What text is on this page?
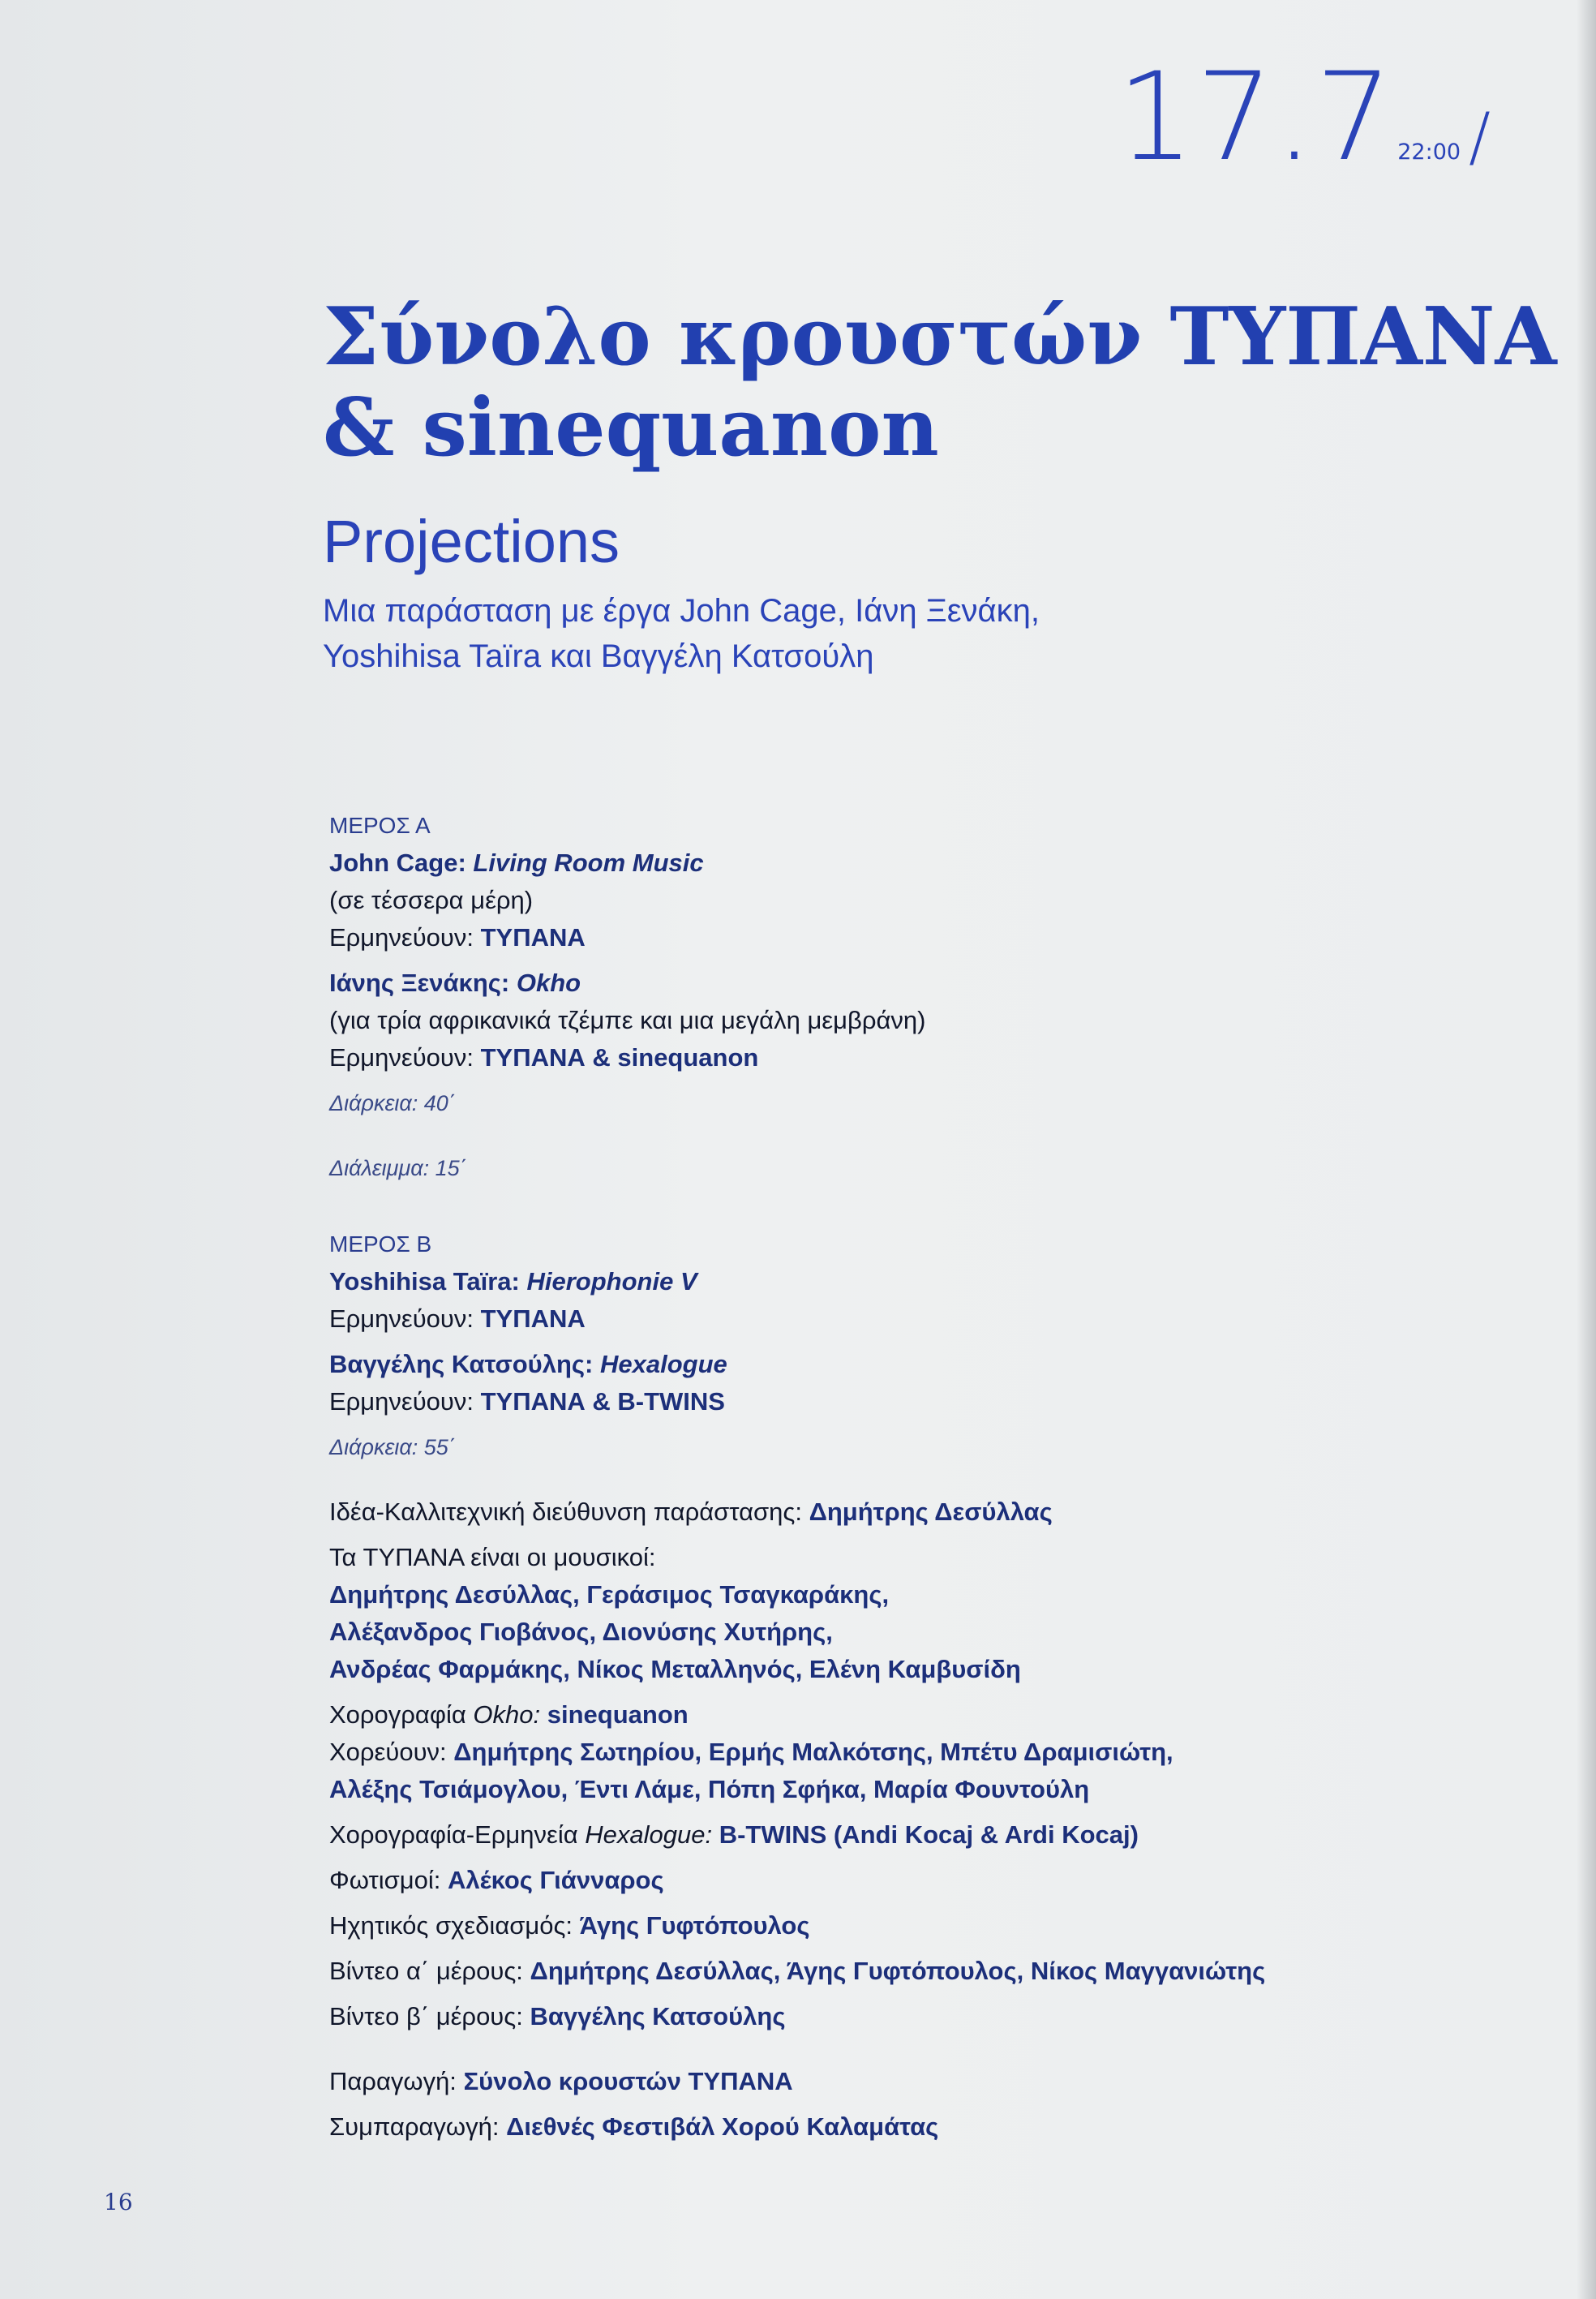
17.7 22:00 /
Σύνολο κρουστών ΤΥΠΑΝΑ
& sinequanon
Projections
Μια παράσταση με έργα John Cage, Ιάνη Ξενάκη,
Yoshihisa Taïra και Βαγγέλη Κατσούλη

ΜΕΡΟΣ Α

John Cage: Living Room Music

(σε τέσσερα μέρη)

Ερμηνεύουν: ΤΥΠΑΝΑ

Ιάνης Ξενάκης: Okho

(για τρία αφρικανικά τζέμπε και μια μεγάλη μεμβράνη)

Ερμηνεύουν: ΤΥΠΑΝΑ & sinequanon

Διάρκεια: 40΄

Διάλειμμα: 15΄

ΜΕΡΟΣ Β

Yoshihisa Taïra: Hierophonie V

Ερμηνεύουν: ΤΥΠΑΝΑ

Βαγγέλης Κατσούλης: Hexalogue

Ερμηνεύουν: ΤΥΠΑΝΑ & B-TWINS

Διάρκεια: 55΄

Ιδέα-Καλλιτεχνική διεύθυνση παράστασης: Δημήτρης Δεσύλλας

Τα ΤΥΠΑΝΑ είναι οι μουσικοί:

Δημήτρης Δεσύλλας, Γεράσιμος Τσαγκαράκης,

Αλέξανδρος Γιοβάνος, Διονύσης Χυτήρης,

Ανδρέας Φαρμάκης, Νίκος Μεταλληνός, Ελένη Καμβυσίδη

Χορογραφία Okho: sinequanon

Χορεύουν: Δημήτρης Σωτηρίου, Ερμής Μαλκότσης, Μπέτυ Δραμισιώτη,

Αλέξης Τσιάμογλου, Έντι Λάμε, Πόπη Σφήκα, Μαρία Φουντούλη

Χορογραφία-Ερμηνεία Hexalogue: B-TWINS (Andi Kocaj & Ardi Kocaj)

Φωτισμοί: Αλέκος Γιάνναρος

Ηχητικός σχεδιασμός: Άγης Γυφτόπουλος

Βίντεο α΄ μέρους: Δημήτρης Δεσύλλας, Άγης Γυφτόπουλος, Νίκος Μαγγανιώτης

Βίντεο β΄ μέρους: Βαγγέλης Κατσούλης

Παραγωγή: Σύνολο κρουστών ΤΥΠΑΝΑ

Συμπαραγωγή: Διεθνές Φεστιβάλ Χορού Καλαμάτας

16
